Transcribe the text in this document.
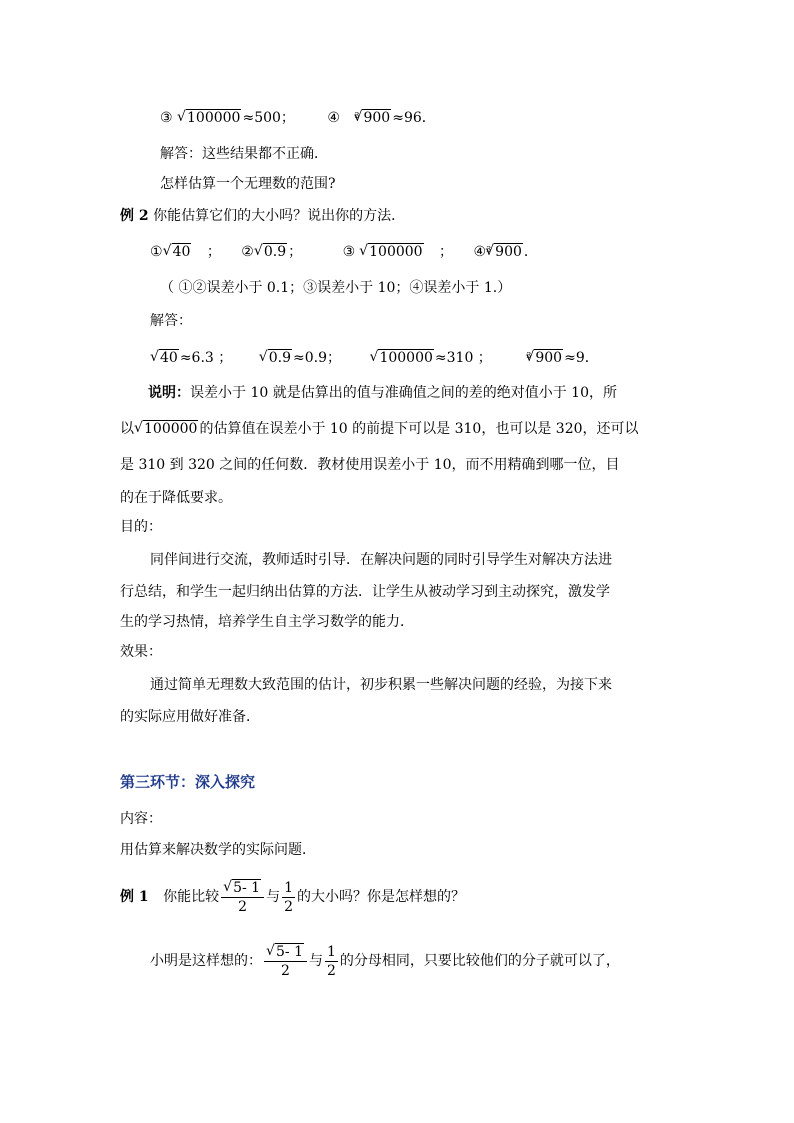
③ √ 100000 ≈500； ④ $^3$ √ 900 ≈96．
解答：这些结果都不正确．
怎样估算一个无理数的范围?
例 2 你能估算它们的大小吗？说出你的方法．
① √ 40 ； ② √ 0.9 ；	③ √ 100000 ； ④$^3$ √ 900 ．
（ ①②误差小于 0.1；③误差小于 10；④误差小于 1.）
解答：
√ 40 ≈6.3 ；	√ 0.9 ≈0.9；	√ 100000 ≈310 ；	$^3$ √ 900 ≈9．
说明：误差小于 10 就是估算出的值与准确值之间的差的绝对值小于 10，所
以 √ 100000 的估算值在误差小于 10 的前提下可以是 310，也可以是 320，还可以
是 310 到 320 之间的任何数．教材使用误差小于 10，而不用精确到哪一位，目
的在于降低要求。
目的：
同伴间进行交流，教师适时引导．在解决问题的同时引导学生对解决方法进
行总结，和学生一起归纳出估算的方法．让学生从被动学习到主动探究，激发学
生的学习热情，培养学生自主学习数学的能力．
效果：
通过简单无理数大致范围的估计，初步积累一些解决问题的经验，为接下来
的实际应用做好准备．
第三环节：深入探究
内容：
用估算来解决数学的实际问题．
例 1 你能比较 √ $\frac{5- 1}{2}$ 与 $\frac{1}{2}$ 的大小吗？你是怎样想的？
小明是这样想的： √ $\frac{5- 1}{2}$ 与 $\frac{1}{2}$ 的分母相同，只要比较他们的分子就可以了，
